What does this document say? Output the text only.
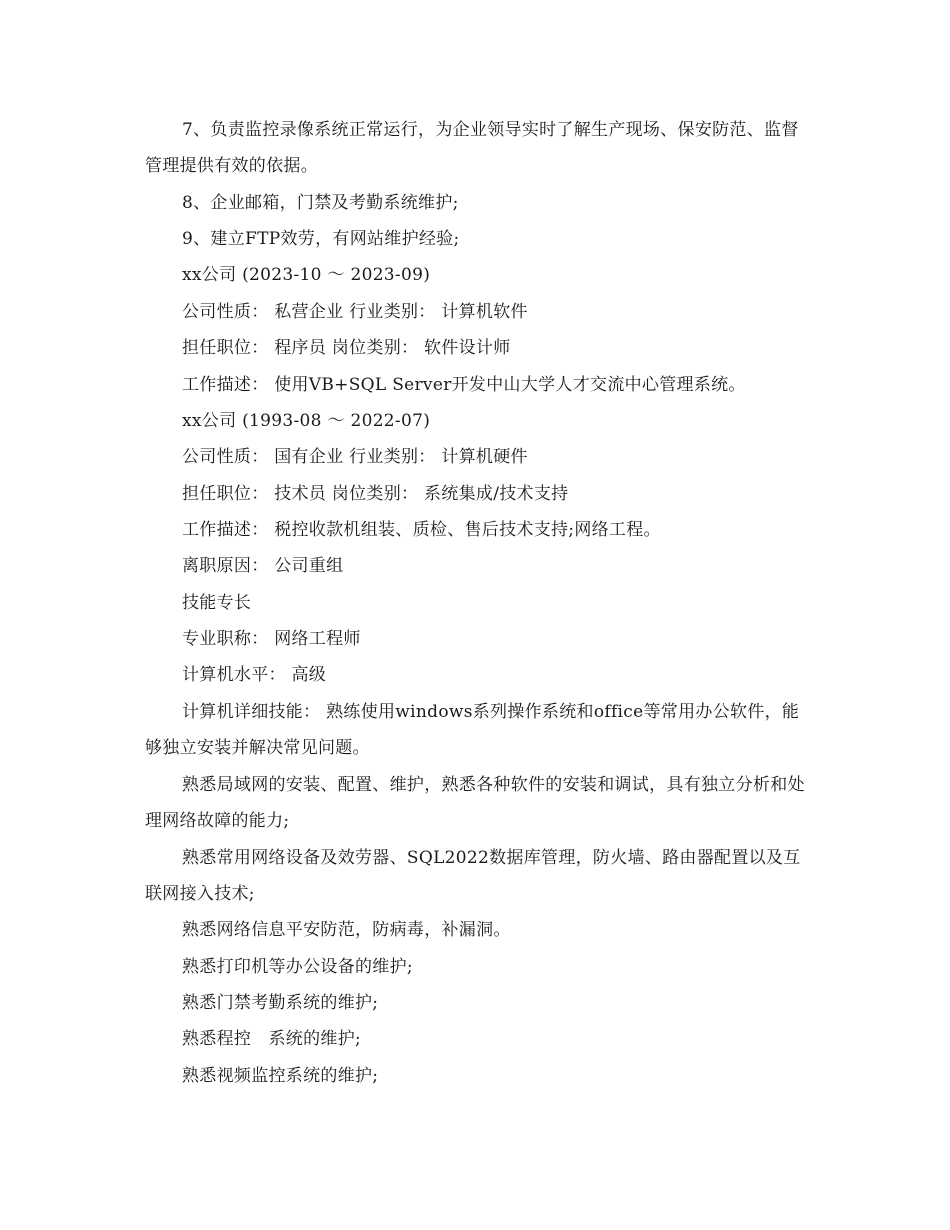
7、负责监控录像系统正常运行，为企业领导实时了解生产现场、保安防范、监督管理提供有效的依据。

8、企业邮箱，门禁及考勤系统维护;

9、建立FTP效劳，有网站维护经验;

xx公司 (2023-10 ～ 2023-09)

公司性质： 私营企业 行业类别： 计算机软件

担任职位： 程序员 岗位类别： 软件设计师

工作描述： 使用VB+SQL Server开发中山大学人才交流中心管理系统。

xx公司 (1993-08 ～ 2022-07)

公司性质： 国有企业 行业类别： 计算机硬件

担任职位： 技术员 岗位类别： 系统集成/技术支持

工作描述： 税控收款机组装、质检、售后技术支持;网络工程。

离职原因： 公司重组

技能专长

专业职称： 网络工程师

计算机水平： 高级

计算机详细技能： 熟练使用windows系列操作系统和office等常用办公软件，能够独立安装并解决常见问题。

熟悉局域网的安装、配置、维护，熟悉各种软件的安装和调试，具有独立分析和处理网络故障的能力;

熟悉常用网络设备及效劳器、SQL2022数据库管理，防火墙、路由器配置以及互联网接入技术;

熟悉网络信息平安防范，防病毒，补漏洞。

熟悉打印机等办公设备的维护;

熟悉门禁考勤系统的维护;

熟悉程控　系统的维护;

熟悉视频监控系统的维护;
